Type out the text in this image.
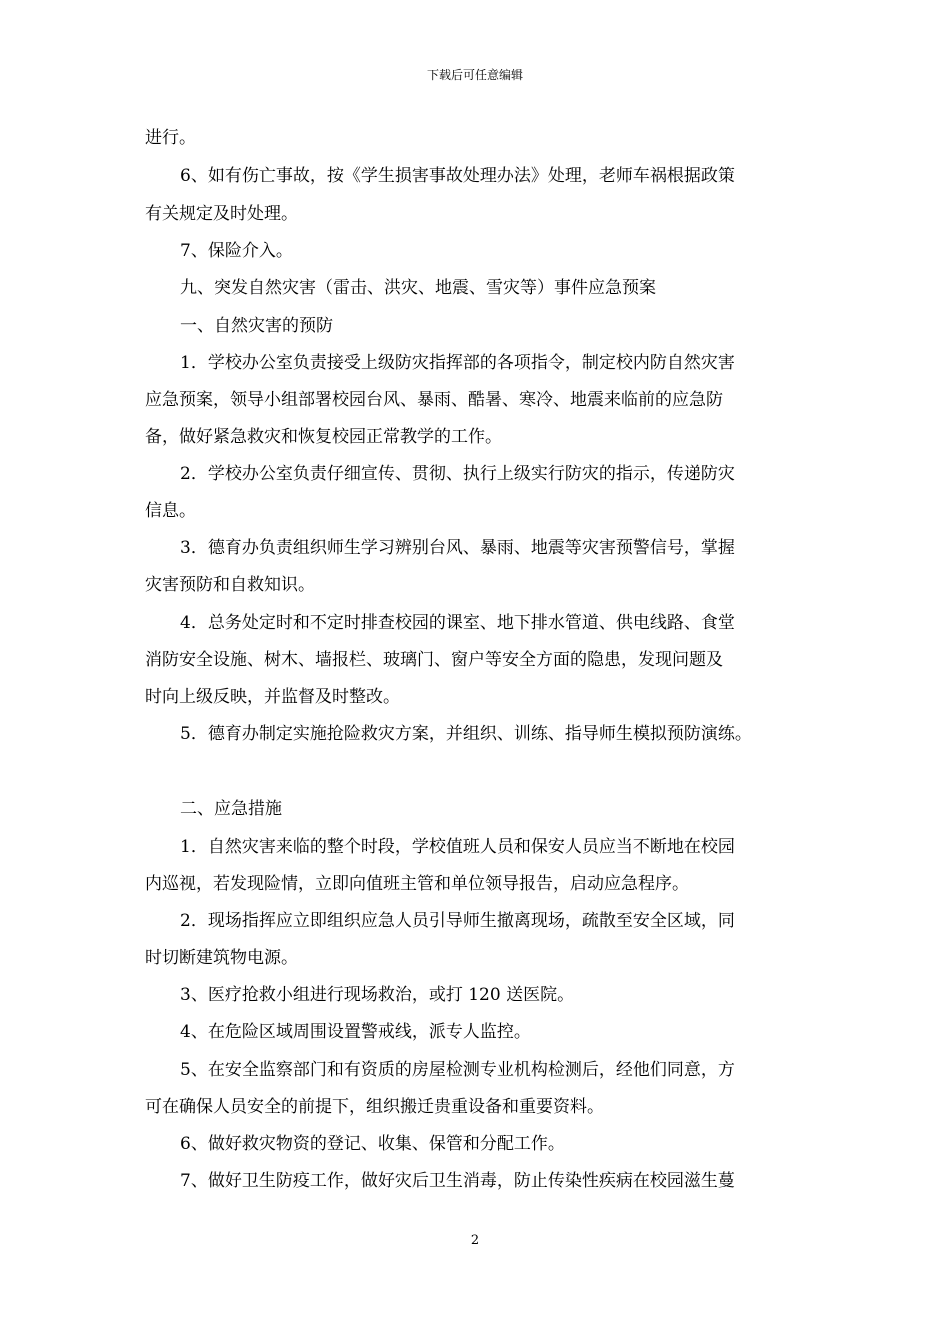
下载后可任意编辑
进行。
6、如有伤亡事故，按《学生损害事故处理办法》处理，老师车祸根据政策
有关规定及时处理。
7、保险介入。
九、突发自然灾害（雷击、洪灾、地震、雪灾等）事件应急预案
一、自然灾害的预防
1．学校办公室负责接受上级防灾指挥部的各项指令，制定校内防自然灾害
应急预案，领导小组部署校园台风、暴雨、酷暑、寒冷、地震来临前的应急防
备，做好紧急救灾和恢复校园正常教学的工作。
2．学校办公室负责仔细宣传、贯彻、执行上级实行防灾的指示，传递防灾
信息。
3．德育办负责组织师生学习辨别台风、暴雨、地震等灾害预警信号，掌握
灾害预防和自救知识。
4．总务处定时和不定时排查校园的课室、地下排水管道、供电线路、食堂
消防安全设施、树木、墙报栏、玻璃门、窗户等安全方面的隐患，发现问题及
时向上级反映，并监督及时整改。
5．德育办制定实施抢险救灾方案，并组织、训练、指导师生模拟预防演练。
二、应急措施
1．自然灾害来临的整个时段，学校值班人员和保安人员应当不断地在校园
内巡视，若发现险情，立即向值班主管和单位领导报告，启动应急程序。
2．现场指挥应立即组织应急人员引导师生撤离现场，疏散至安全区域，同
时切断建筑物电源。
3、医疗抢救小组进行现场救治，或打 120 送医院。
4、在危险区域周围设置警戒线，派专人监控。
5、在安全监察部门和有资质的房屋检测专业机构检测后，经他们同意，方
可在确保人员安全的前提下，组织搬迁贵重设备和重要资料。
6、做好救灾物资的登记、收集、保管和分配工作。
7、做好卫生防疫工作，做好灾后卫生消毒，防止传染性疾病在校园滋生蔓
2
